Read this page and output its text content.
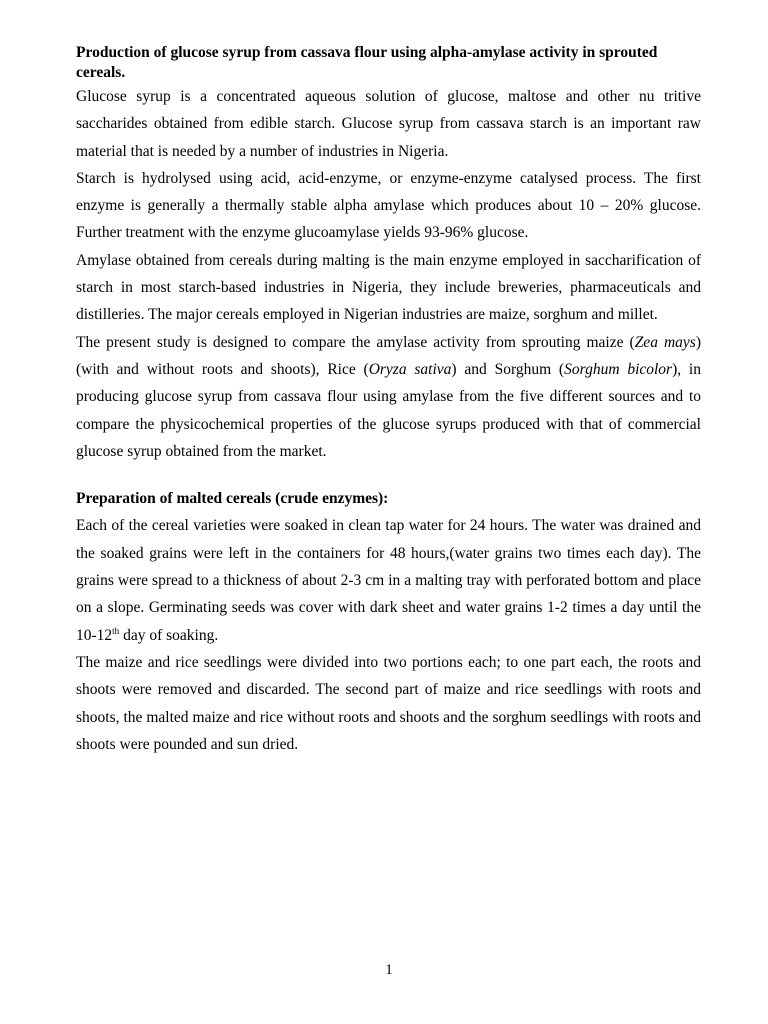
Production of glucose syrup from cassava flour using alpha-amylase activity in sprouted cereals.

Glucose syrup is a concentrated aqueous solution of glucose, maltose and other nu tritive saccharides obtained from edible starch. Glucose syrup from cassava starch is an important raw material that is needed by a number of industries in Nigeria.

Starch is hydrolysed using acid, acid-enzyme, or enzyme-enzyme catalysed process. The first enzyme is generally a thermally stable alpha amylase which produces about 10 – 20% glucose. Further treatment with the enzyme glucoamylase yields 93-96% glucose.

Amylase obtained from cereals during malting is the main enzyme employed in saccharification of starch in most starch-based industries in Nigeria, they include breweries, pharmaceuticals and distilleries. The major cereals employed in Nigerian industries are maize, sorghum and millet.

The present study is designed to compare the amylase activity from sprouting maize (Zea mays) (with and without roots and shoots), Rice (Oryza sativa) and Sorghum (Sorghum bicolor), in producing glucose syrup from cassava flour using amylase from the five different sources and to compare the physicochemical properties of the glucose syrups produced with that of commercial glucose syrup obtained from the market.

Preparation of malted cereals (crude enzymes):

Each of the cereal varieties were soaked in clean tap water for 24 hours. The water was drained and the soaked grains were left in the containers for 48 hours,(water grains two times each day). The grains were spread to a thickness of about 2-3 cm in a malting tray with perforated bottom and place on a slope. Germinating seeds was cover with dark sheet and water grains 1-2 times a day until the 10-12th day of soaking.

The maize and rice seedlings were divided into two portions each; to one part each, the roots and shoots were removed and discarded. The second part of maize and rice seedlings with roots and shoots, the malted maize and rice without roots and shoots and the sorghum seedlings with roots and shoots were pounded and sun dried.

1
